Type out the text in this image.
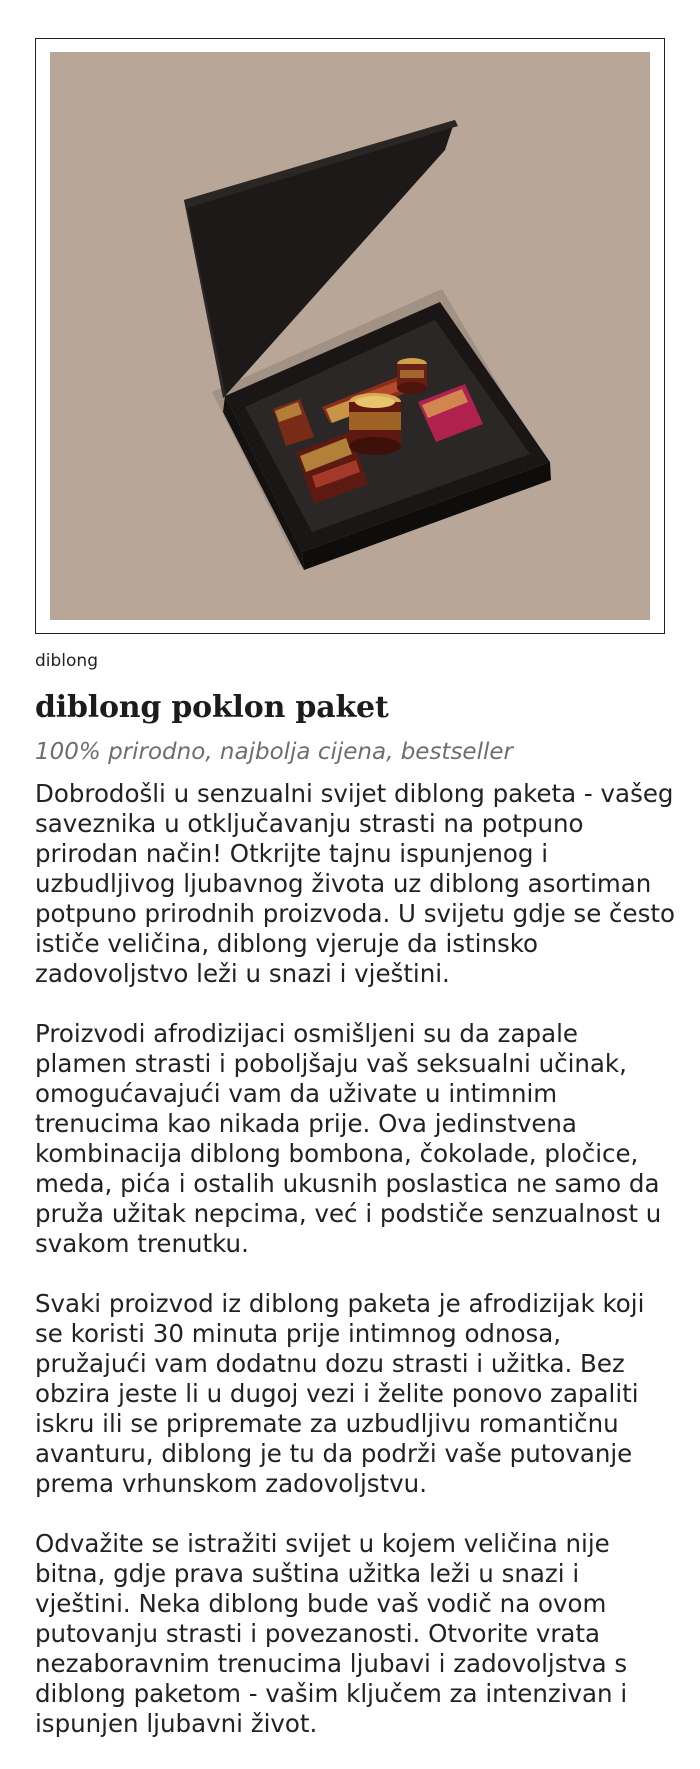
diblong
diblong poklon paket
100% prirodno, najbolja cijena, bestseller

Dobrodošli u senzualni svijet diblong paketa - vašeg saveznika u otključavanju strasti na potpuno prirodan način! Otkrijte tajnu ispunjenog i uzbudljivog ljubavnog života uz diblong asortiman potpuno prirodnih proizvoda. U svijetu gdje se često ističe veličina, diblong vjeruje da istinsko zadovoljstvo leži u snazi i vještini.

Proizvodi afrodizijaci osmišljeni su da zapale plamen strasti i poboljšaju vaš seksualni učinak, omogućavajući vam da uživate u intimnim trenucima kao nikada prije. Ova jedinstvena kombinacija diblong bombona, čokolade, pločice, meda, pića i ostalih ukusnih poslastica ne samo da pruža užitak nepcima, već i podstiče senzualnost u svakom trenutku.

Svaki proizvod iz diblong paketa je afrodizijak koji se koristi 30 minuta prije intimnog odnosa, pružajući vam dodatnu dozu strasti i užitka. Bez obzira jeste li u dugoj vezi i želite ponovo zapaliti iskru ili se pripremate za uzbudljivu romantičnu avanturu, diblong je tu da podrži vaše putovanje prema vrhunskom zadovoljstvu.

Odvažite se istražiti svijet u kojem veličina nije bitna, gdje prava suština užitka leži u snazi i vještini. Neka diblong bude vaš vodič na ovom putovanju strasti i povezanosti. Otvorite vrata nezaboravnim trenucima ljubavi i zadovoljstva s diblong paketom - vašim ključem za intenzivan i ispunjen ljubavni život.
